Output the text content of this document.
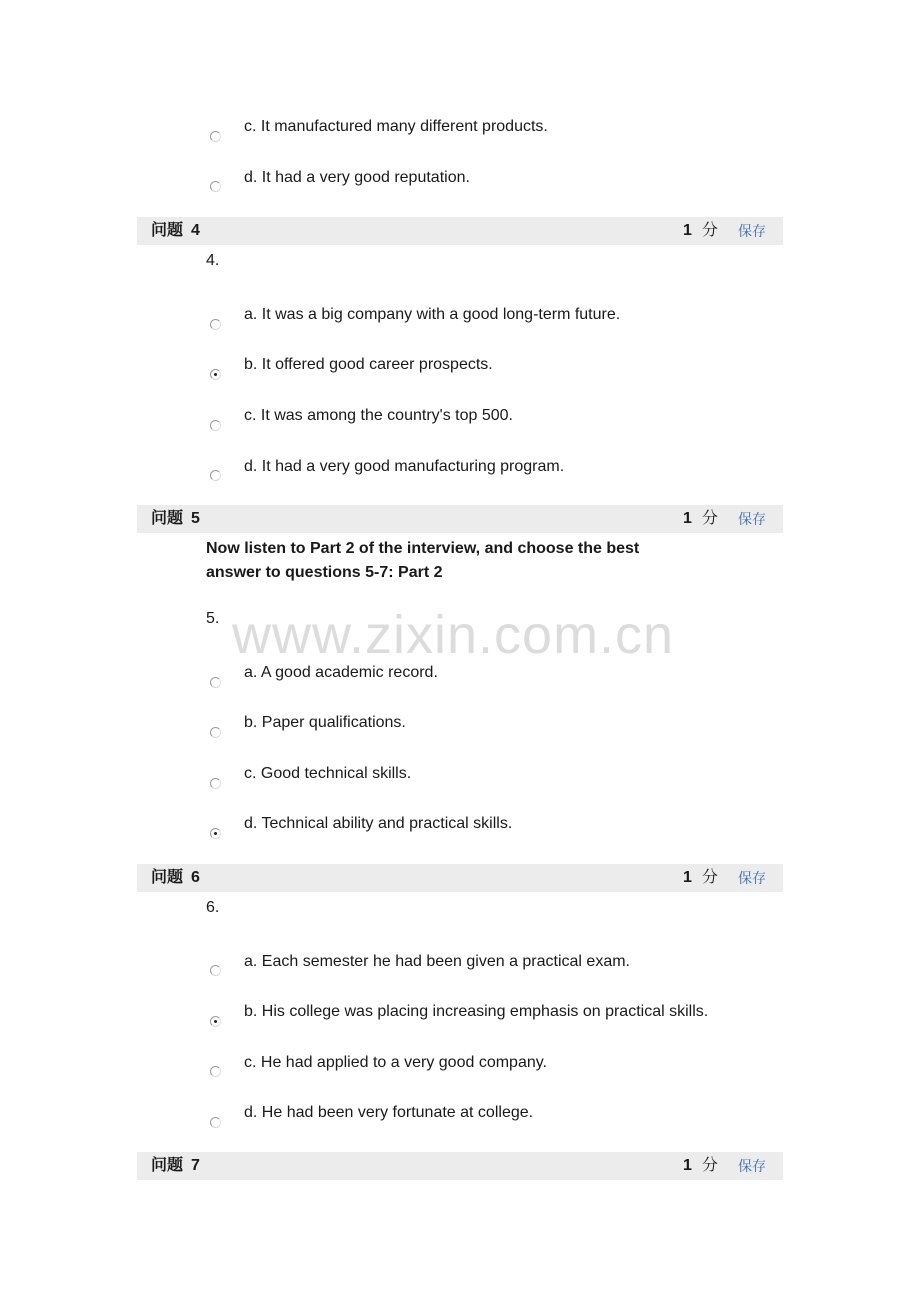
c. It manufactured many different products.
d. It had a very good reputation.
问题 4	1 分 保存
4.
a. It was a big company with a good long-term future.
b. It offered good career prospects.
c. It was among the country's top 500.
d. It had a very good manufacturing program.
问题 5	1 分 保存
Now listen to Part 2 of the interview, and choose the best answer to questions 5-7: Part 2
5.
a. A good academic record.
b. Paper qualifications.
c. Good technical skills.
d. Technical ability and practical skills.
问题 6	1 分 保存
6.
a. Each semester he had been given a practical exam.
b. His college was placing increasing emphasis on practical skills.
c. He had applied to a very good company.
d. He had been very fortunate at college.
问题 7	1 分 保存
www.zixin.com.cn
